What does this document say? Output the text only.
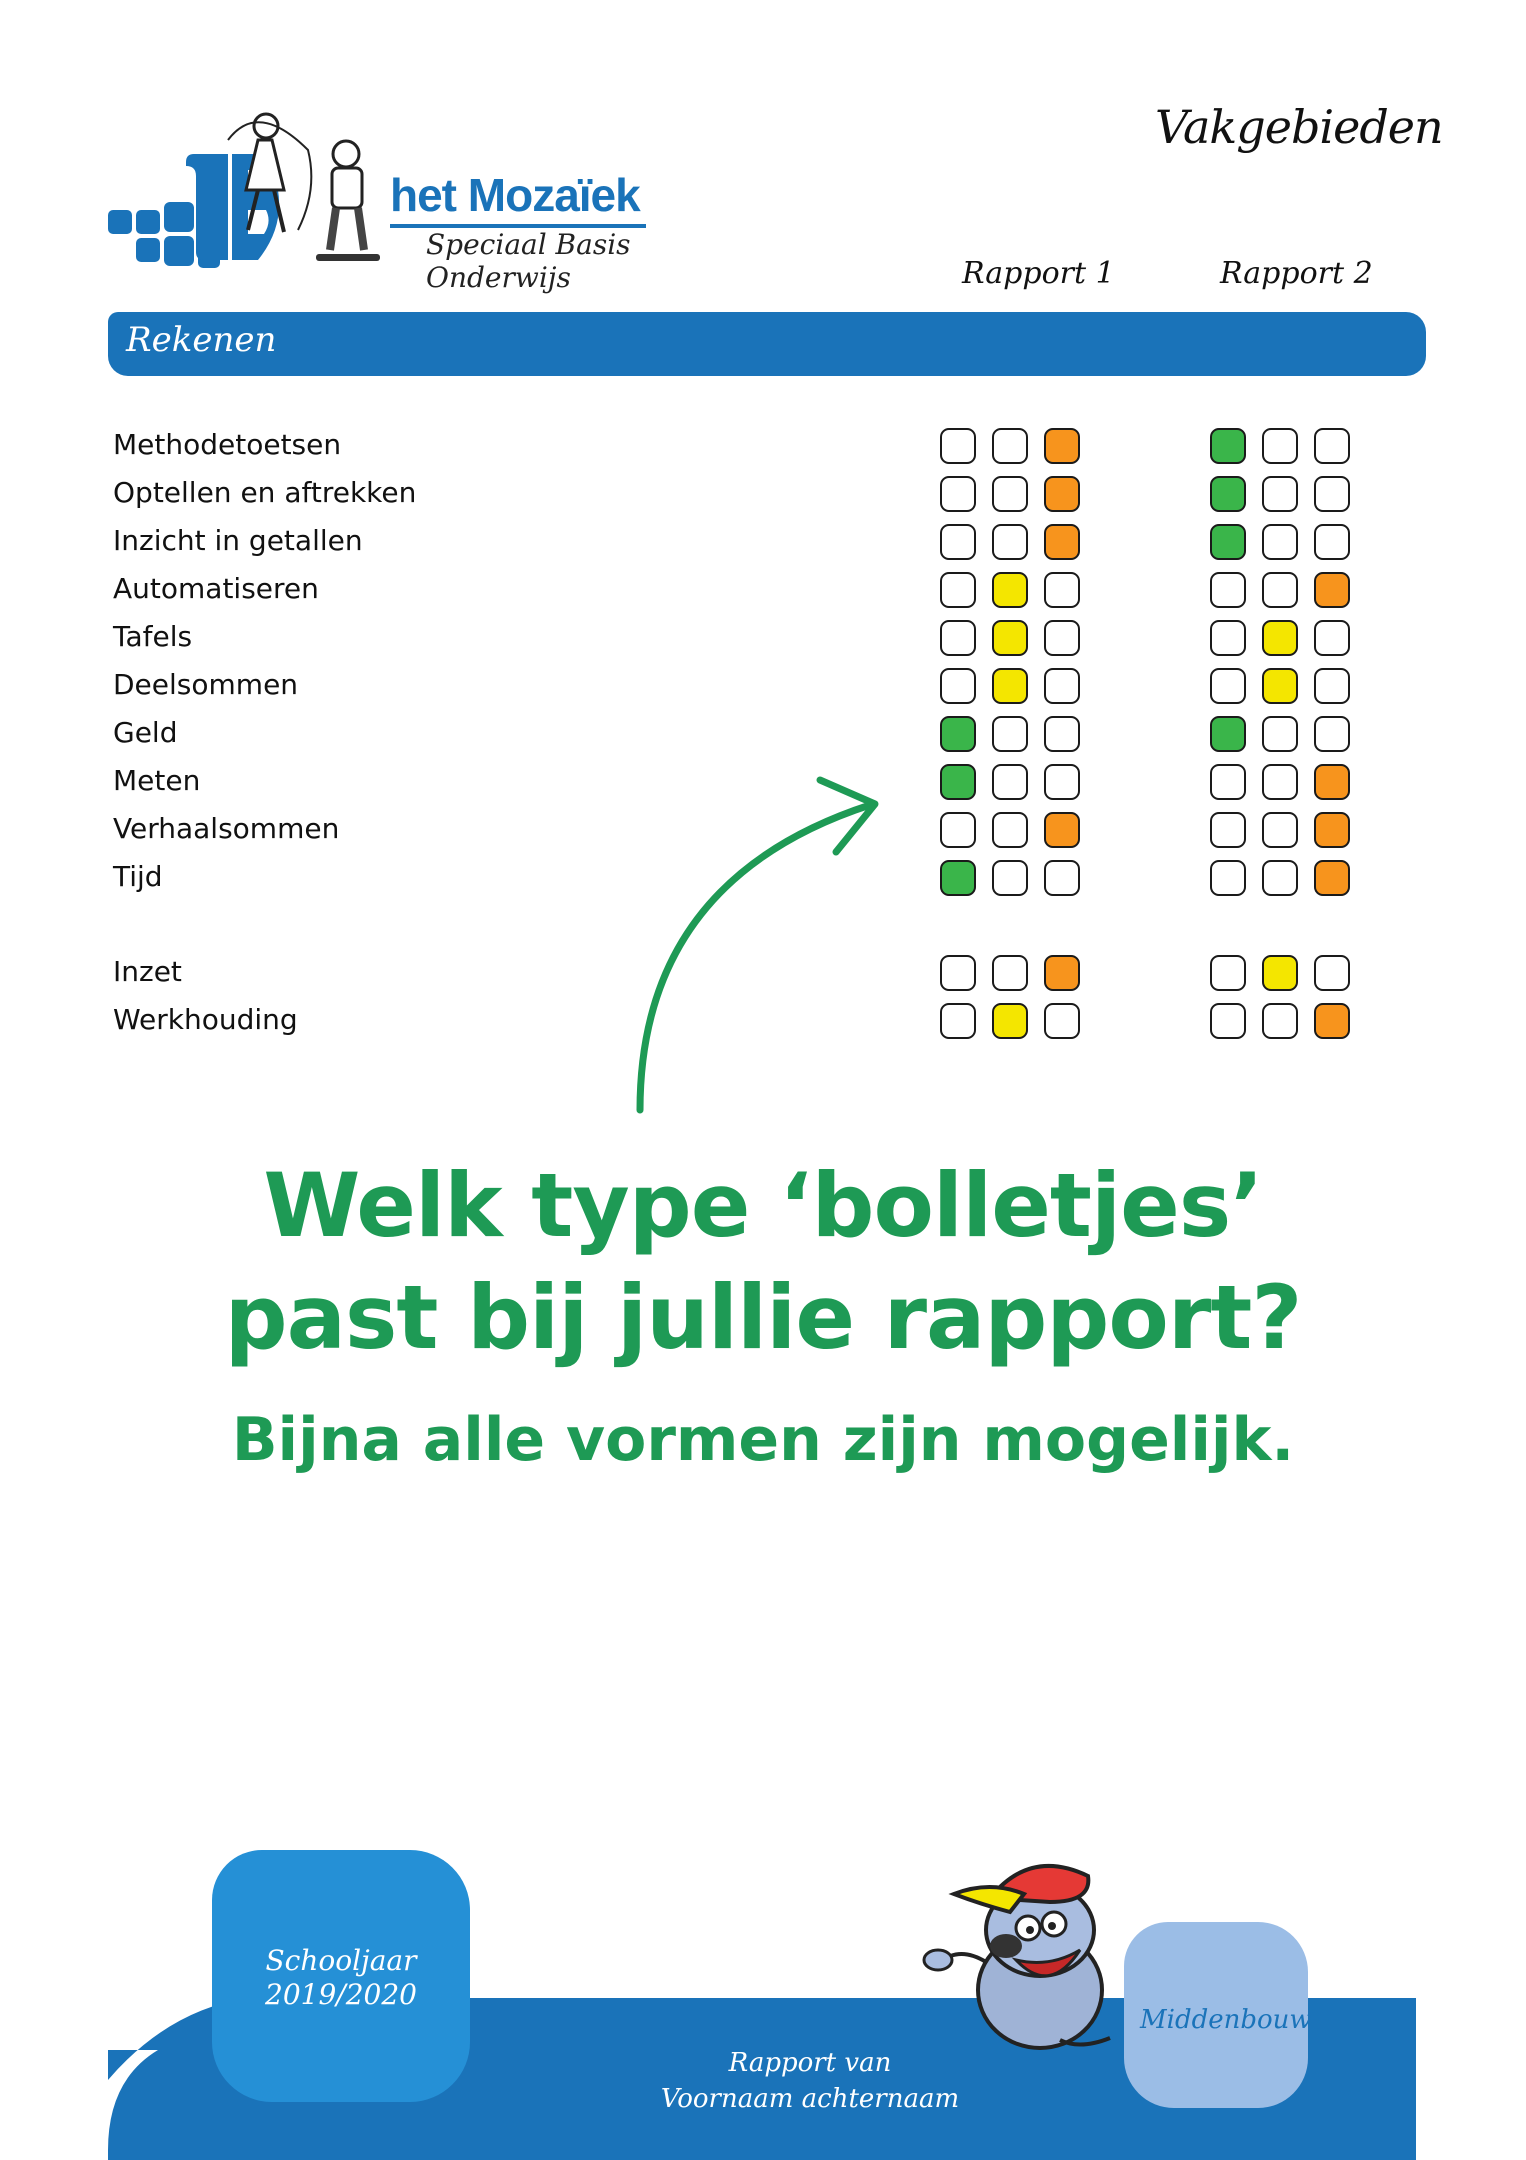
het Mozaïek
Speciaal Basis Onderwijs
Vakgebieden
Rapport 1	Rapport 2
Rekenen
Methodetoetsen
Optellen en aftrekken
Inzicht in getallen
Automatiseren
Tafels
Deelsommen
Geld
Meten
Verhaalsommen
Tijd
Inzet
Werkhouding
Welk type ‘bolletjes’
past bij jullie rapport?
Bijna alle vormen zijn mogelijk.
Schooljaar
2019/2020
Rapport van
Voornaam achternaam
Middenbouw
